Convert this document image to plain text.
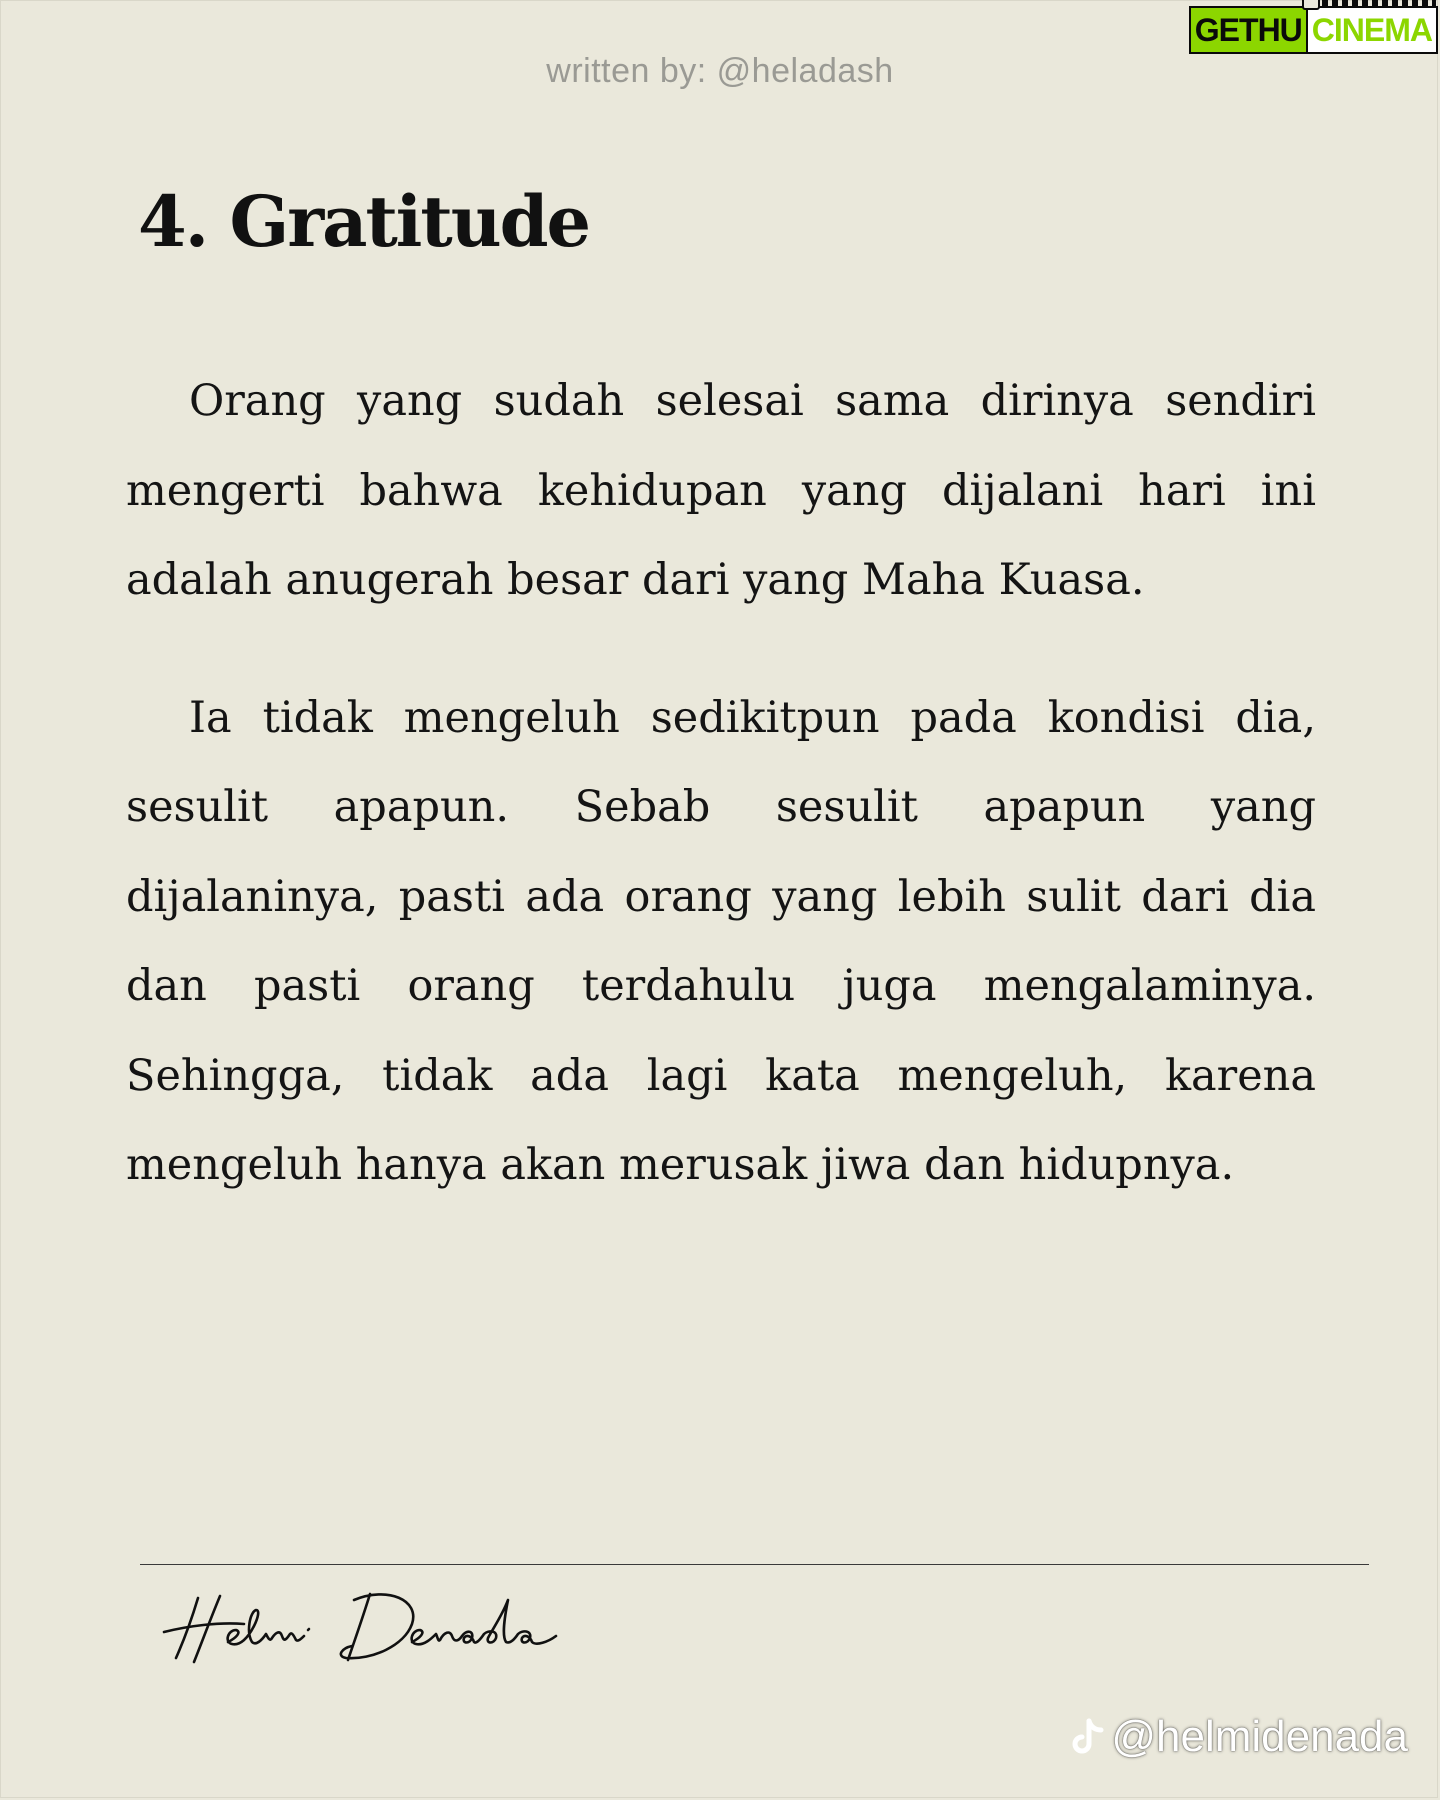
written by: @heladash
GETHU CINEMA
4. Gratitude

Orang yang sudah selesai sama dirinya sendiri mengerti bahwa kehidupan yang dijalani hari ini adalah anugerah besar dari yang Maha Kuasa.

Ia tidak mengeluh sedikitpun pada kondisi dia, sesulit apapun. Sebab sesulit apapun yang dijalaninya, pasti ada orang yang lebih sulit dari dia dan pasti orang terdahulu juga mengalaminya. Sehingga, tidak ada lagi kata mengeluh, karena mengeluh hanya akan merusak jiwa dan hidupnya.

Helmi Denada
@helmidenada
